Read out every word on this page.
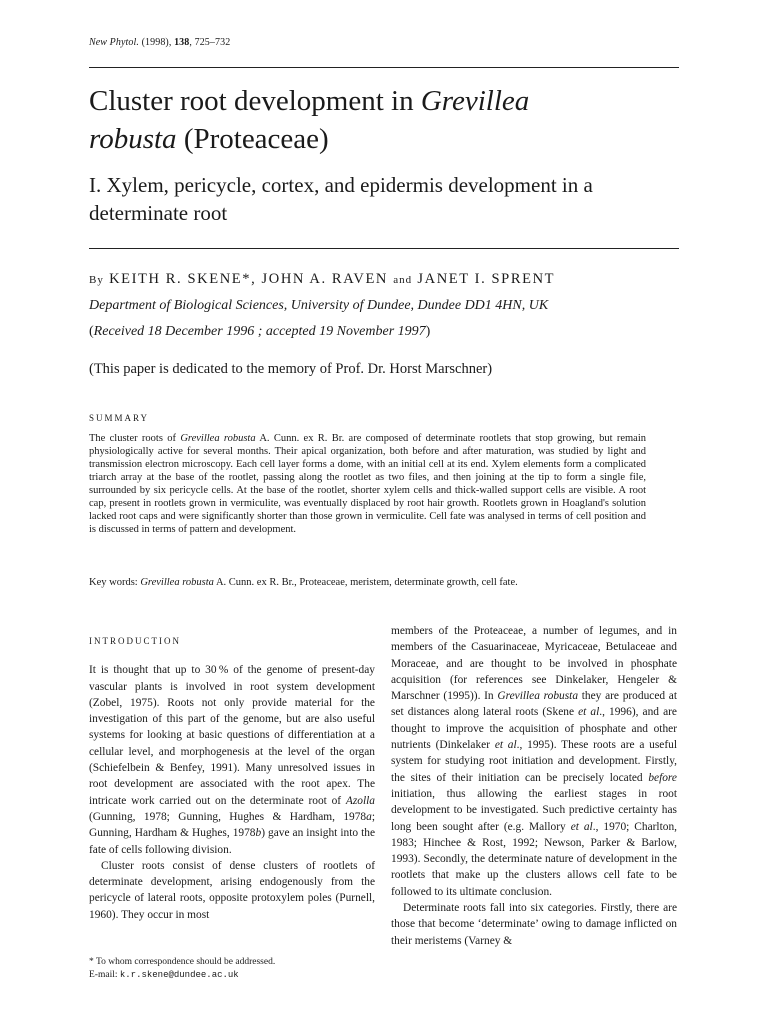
New Phytol. (1998), 138, 725–732
Cluster root development in Grevillea
robusta (Proteaceae)
I. Xylem, pericycle, cortex, and epidermis development in a determinate root
By KEITH R. SKENE*, JOHN A. RAVEN and JANET I. SPRENT
Department of Biological Sciences, University of Dundee, Dundee DD1 4HN, UK
(Received 18 December 1996 ; accepted 19 November 1997)
(This paper is dedicated to the memory of Prof. Dr. Horst Marschner)
SUMMARY

The cluster roots of Grevillea robusta A. Cunn. ex R. Br. are composed of determinate rootlets that stop growing, but remain physiologically active for several months. Their apical organization, both before and after maturation, was studied by light and transmission electron microscopy. Each cell layer forms a dome, with an initial cell at its end. Xylem elements form a complicated triarch array at the base of the rootlet, passing along the rootlet as two files, and then joining at the tip to form a single file, surrounded by six pericycle cells. At the base of the rootlet, shorter xylem cells and thick-walled support cells are visible. A root cap, present in rootlets grown in vermiculite, was eventually displaced by root hair growth. Rootlets grown in Hoagland's solution lacked root caps and were significantly shorter than those grown in vermiculite. Cell fate was analysed in terms of cell position and is discussed in terms of pattern and development.

Key words: Grevillea robusta A. Cunn. ex R. Br., Proteaceae, meristem, determinate growth, cell fate.

INTRODUCTION

It is thought that up to 30 % of the genome of present-day vascular plants is involved in root system development (Zobel, 1975). Roots not only provide material for the investigation of this part of the genome, but are also useful systems for looking at basic questions of differentiation at a cellular level, and morphogenesis at the level of the organ (Schiefelbein & Benfey, 1991). Many unresolved issues in root development are associated with the root apex. The intricate work carried out on the determinate root of Azolla (Gunning, 1978; Gunning, Hughes & Hardham, 1978a; Gunning, Hardham & Hughes, 1978b) gave an insight into the fate of cells following division.

Cluster roots consist of dense clusters of rootlets of determinate development, arising endogenously from the pericycle of lateral roots, opposite protoxylem poles (Purnell, 1960). They occur in most

members of the Proteaceae, a number of legumes, and in members of the Casuarinaceae, Myricaceae, Betulaceae and Moraceae, and are thought to be involved in phosphate acquisition (for references see Dinkelaker, Hengeler & Marschner (1995)). In Grevillea robusta they are produced at set distances along lateral roots (Skene et al., 1996), and are thought to improve the acquisition of phosphate and other nutrients (Dinkelaker et al., 1995). These roots are a useful system for studying root initiation and development. Firstly, the sites of their initiation can be precisely located before initiation, thus allowing the earliest stages in root development to be investigated. Such predictive certainty has long been sought after (e.g. Mallory et al., 1970; Charlton, 1983; Hinchee & Rost, 1992; Newson, Parker & Barlow, 1993). Secondly, the determinate nature of development in the rootlets that make up the clusters allows cell fate to be followed to its ultimate conclusion.

Determinate roots fall into six categories. Firstly, there are those that become ‘determinate’ owing to damage inflicted on their meristems (Varney &

* To whom correspondence should be addressed.
E-mail: k.r.skene@dundee.ac.uk
